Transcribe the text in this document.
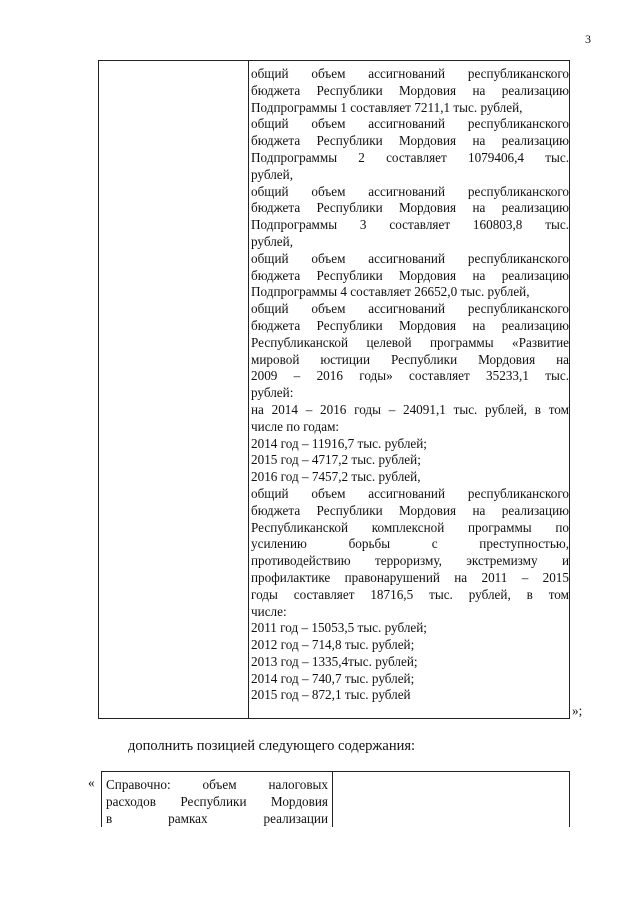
3
общий объем ассигнований республиканского
бюджета Республики Мордовия на реализацию
Подпрограммы 1 составляет 7211,1 тыс. рублей,
общий объем ассигнований республиканского
бюджета Республики Мордовия на реализацию
Подпрограммы 2 составляет 1079406,4 тыс.
рублей,
общий объем ассигнований республиканского
бюджета Республики Мордовия на реализацию
Подпрограммы 3 составляет 160803,8 тыс.
рублей,
общий объем ассигнований республиканского
бюджета Республики Мордовия на реализацию
Подпрограммы 4 составляет 26652,0 тыс. рублей,
общий объем ассигнований республиканского
бюджета Республики Мордовия на реализацию
Республиканской целевой программы «Развитие
мировой юстиции Республики Мордовия на
2009 – 2016 годы» составляет 35233,1 тыс.
рублей:
на 2014 – 2016 годы – 24091,1 тыс. рублей, в том
числе по годам:
2014 год – 11916,7 тыс. рублей;
2015 год – 4717,2 тыс. рублей;
2016 год – 7457,2 тыс. рублей,
общий объем ассигнований республиканского
бюджета Республики Мордовия на реализацию
Республиканской комплексной программы по
усилению борьбы с преступностью,
противодействию терроризму, экстремизму и
профилактике правонарушений на 2011 – 2015
годы составляет 18716,5 тыс. рублей, в том
числе:
2011 год – 15053,5 тыс. рублей;
2012 год – 714,8 тыс. рублей;
2013 год – 1335,4тыс. рублей;
2014 год – 740,7 тыс. рублей;
2015 год – 872,1 тыс. рублей
»;
дополнить позицией следующего содержания:
« Справочно: объем налоговых
расходов Республики Мордовия
в рамках реализации
